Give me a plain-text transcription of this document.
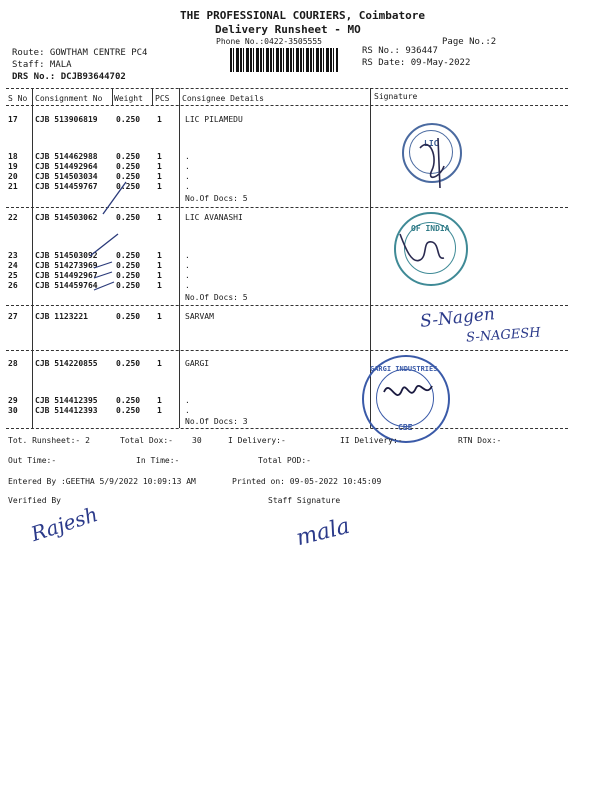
THE PROFESSIONAL COURIERS, Coimbatore
Delivery Runsheet - MO
Phone No.:0422-3505555	Page No.:2
Route: GOWTHAM CENTRE PC4
Staff: MALA
DRS No.: DCJB93644702
RS No.: 936447
RS Date: 09-May-2022
S No Consignment No Weight PCS Consignee Details	Signature
17 CJB 513906819 0.250 1	LIC PILAMEDU
18 CJB 514462988 0.250 1	.
19 CJB 514492964 0.250 1	.
20 CJB 514503034 0.250 1	.
21 CJB 514459767 0.250 1	.
No.Of Docs: 5
22 CJB 514503062 0.250 1	LIC AVANASHI
23 CJB 514503092 0.250 1	.
24 CJB 514273969 0.250 1	.
25 CJB 514492967 0.250 1	.
26 CJB 514459764 0.250 1	.
No.Of Docs: 5
27 CJB 1123221	0.250 1	SARVAM
28 CJB 514220855 0.250 1	GARGI
29 CJB 514412395 0.250 1	.
30 CJB 514412393 0.250 1	.
No.Of Docs: 3
LIC
OF INDIA
S-Nagen
S-NAGESH
GARGI INDUSTRIES
CBE
Tot. Runsheet:- 2	Total Dox:- 30	I Delivery:-	II Delivery:-	RTN Dox:-
Out Time:-	In Time:-	Total POD:-
Entered By :GEETHA 5/9/2022 10:09:13 AM	Printed on: 09-05-2022 10:45:09
Verified By	Staff Signature
Rajesh	mala
